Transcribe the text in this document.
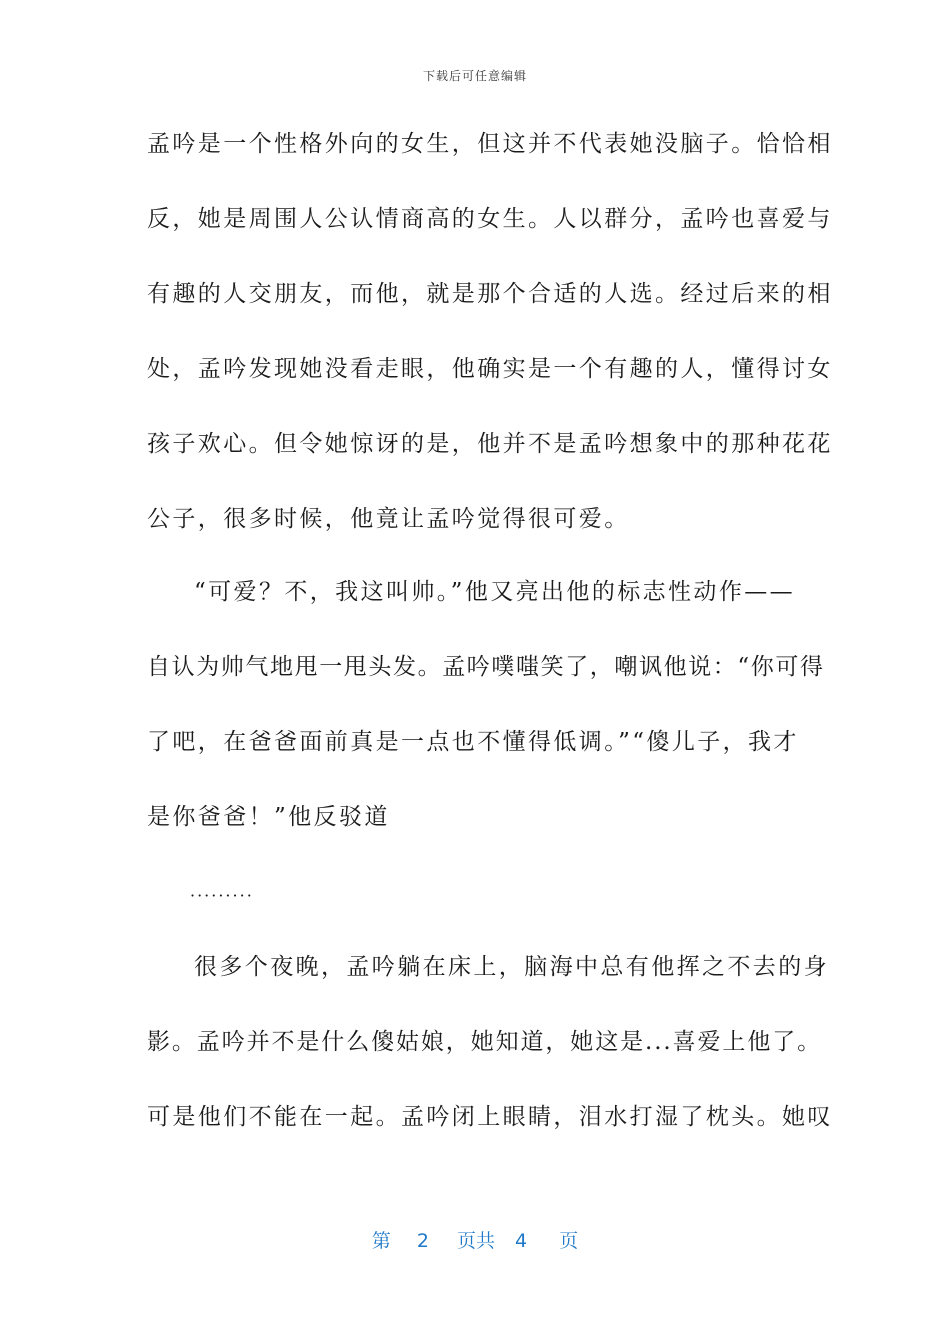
下载后可任意编辑
孟吟是一个性格外向的女生，但这并不代表她没脑子。恰恰相
反，她是周围人公认情商高的女生。人以群分，孟吟也喜爱与
有趣的人交朋友，而他，就是那个合适的人选。经过后来的相
处，孟吟发现她没看走眼，他确实是一个有趣的人，懂得讨女
孩子欢心。但令她惊讶的是，他并不是孟吟想象中的那种花花
公子，很多时候，他竟让孟吟觉得很可爱。
“可爱？不，我这叫帅。”他又亮出他的标志性动作——
自认为帅气地甩一甩头发。孟吟噗嗤笑了，嘲讽他说：“你可得
了吧，在爸爸面前真是一点也不懂得低调。”“傻儿子，我才
是你爸爸！”他反驳道
·········
很多个夜晚，孟吟躺在床上，脑海中总有他挥之不去的身
影。孟吟并不是什么傻姑娘，她知道，她这是...喜爱上他了。
可是他们不能在一起。孟吟闭上眼睛，泪水打湿了枕头。她叹
第 2 页共 4 页
